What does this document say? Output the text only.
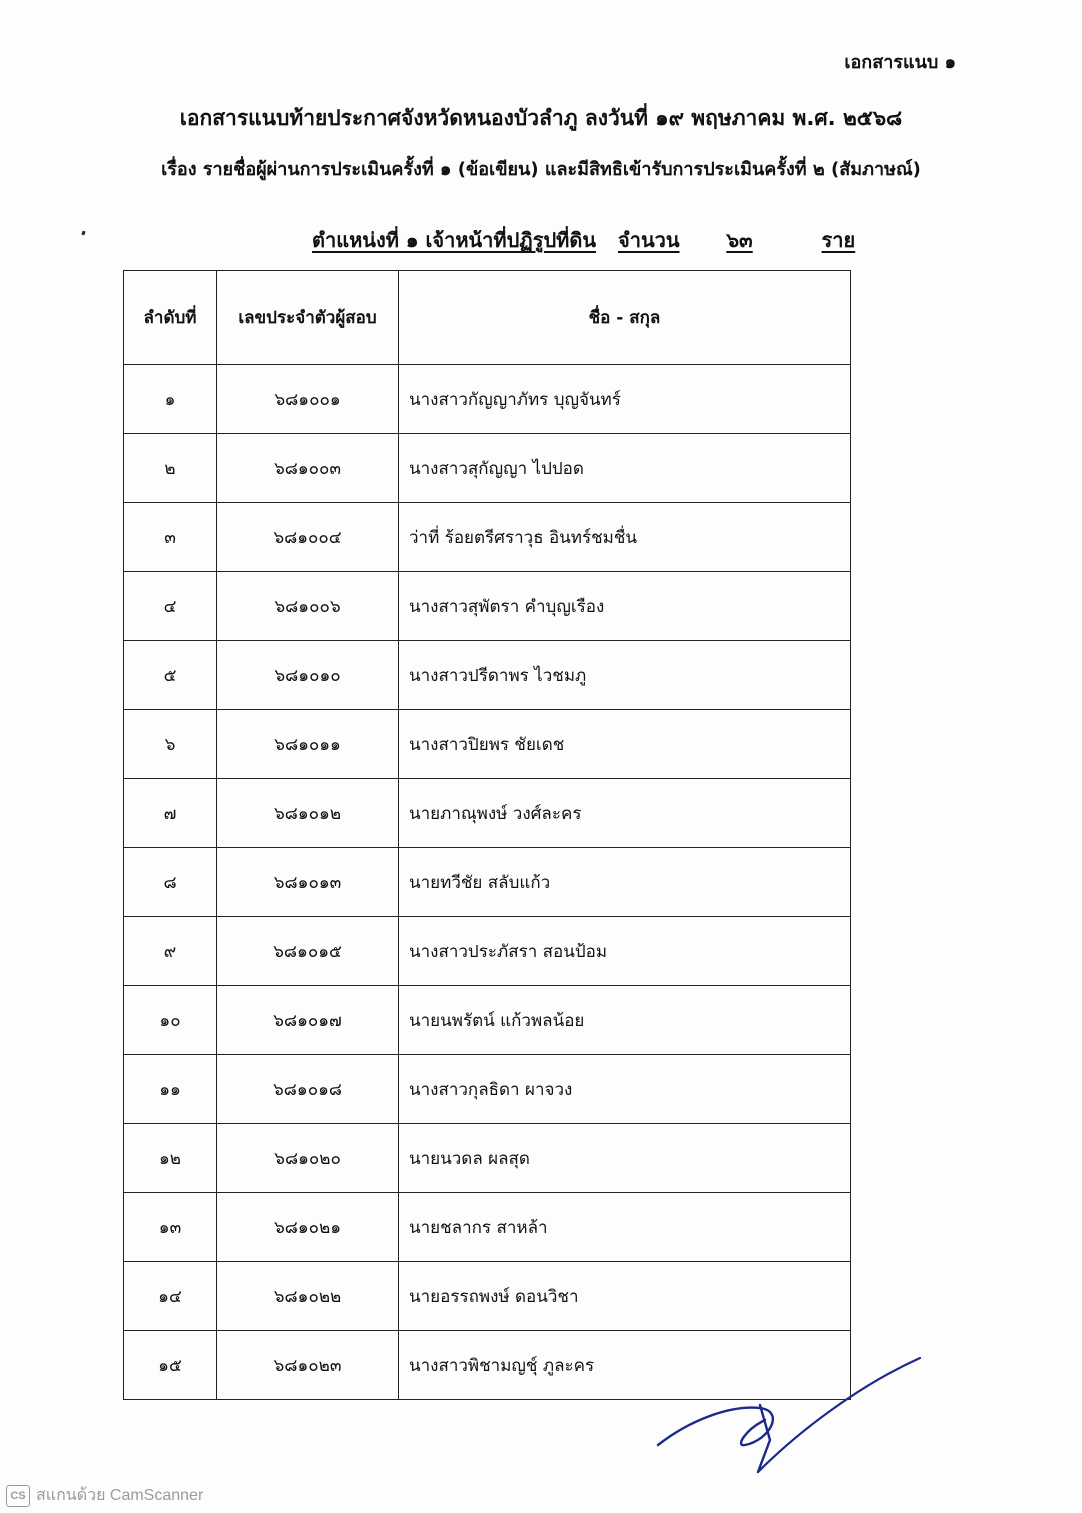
เอกสารแนบ ๑
เอกสารแนบท้ายประกาศจังหวัดหนองบัวลำภู ลงวันที่ ๑๙ พฤษภาคม พ.ศ. ๒๕๖๘
เรื่อง รายชื่อผู้ผ่านการประเมินครั้งที่ ๑ (ข้อเขียน) และมีสิทธิเข้ารับการประเมินครั้งที่ ๒ (สัมภาษณ์)
ตำแหน่งที่ ๑ เจ้าหน้าที่ปฏิรูปที่ดิน จำนวน ๖๓	ราย
ลำดับที่	เลขประจำตัวผู้สอบ	ชื่อ - สกุล
๑	๖๘๑๐๐๑	นางสาวกัญญาภัทร บุญจันทร์
๒	๖๘๑๐๐๓	นางสาวสุกัญญา ไปปอด
๓	๖๘๑๐๐๔	ว่าที่ ร้อยตรีศราวุธ อินทร์ชมชื่น
๔	๖๘๑๐๐๖	นางสาวสุพัตรา คำบุญเรือง
๕	๖๘๑๐๑๐	นางสาวปรีดาพร ไวชมภู
๖	๖๘๑๐๑๑	นางสาวปิยพร ชัยเดช
๗	๖๘๑๐๑๒	นายภาณุพงษ์ วงศ์ละคร
๘	๖๘๑๐๑๓	นายทวีชัย สลับแก้ว
๙	๖๘๑๐๑๕	นางสาวประภัสรา สอนป้อม
๑๐	๖๘๑๐๑๗	นายนพรัตน์ แก้วพลน้อย
๑๑	๖๘๑๐๑๘	นางสาวกุลธิดา ผาจวง
๑๒	๖๘๑๐๒๐	นายนวดล ผลสุด
๑๓	๖๘๑๐๒๑	นายชลากร สาหล้า
๑๔	๖๘๑๐๒๒	นายอรรถพงษ์ ดอนวิชา
๑๕	๖๘๑๐๒๓	นางสาวพิชามญชุ์ ภูละคร
CS สแกนด้วย CamScanner
